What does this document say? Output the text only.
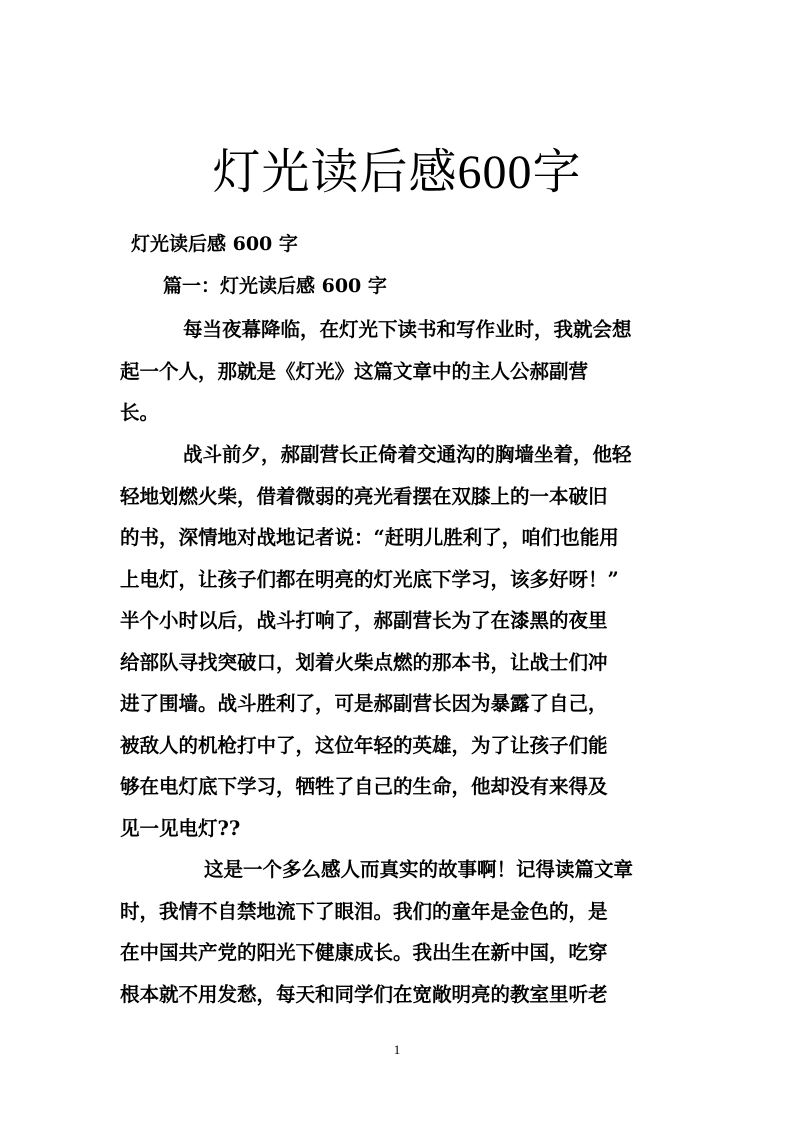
灯光读后感600字
灯光读后感 600 字
篇一：灯光读后感 600 字
每当夜幕降临，在灯光下读书和写作业时，我就会想
起一个人，那就是《灯光》这篇文章中的主人公郝副营
长。
战斗前夕，郝副营长正倚着交通沟的胸墙坐着，他轻
轻地划燃火柴，借着微弱的亮光看摆在双膝上的一本破旧
的书，深情地对战地记者说：“赶明儿胜利了，咱们也能用
上电灯，让孩子们都在明亮的灯光底下学习，该多好呀！”
半个小时以后，战斗打响了，郝副营长为了在漆黑的夜里
给部队寻找突破口，划着火柴点燃的那本书，让战士们冲
进了围墙。战斗胜利了，可是郝副营长因为暴露了自己，
被敌人的机枪打中了，这位年轻的英雄，为了让孩子们能
够在电灯底下学习，牺牲了自己的生命，他却没有来得及
见一见电灯??
这是一个多么感人而真实的故事啊！记得读篇文章
时，我情不自禁地流下了眼泪。我们的童年是金色的，是
在中国共产党的阳光下健康成长。我出生在新中国，吃穿
根本就不用发愁，每天和同学们在宽敞明亮的教室里听老
1
